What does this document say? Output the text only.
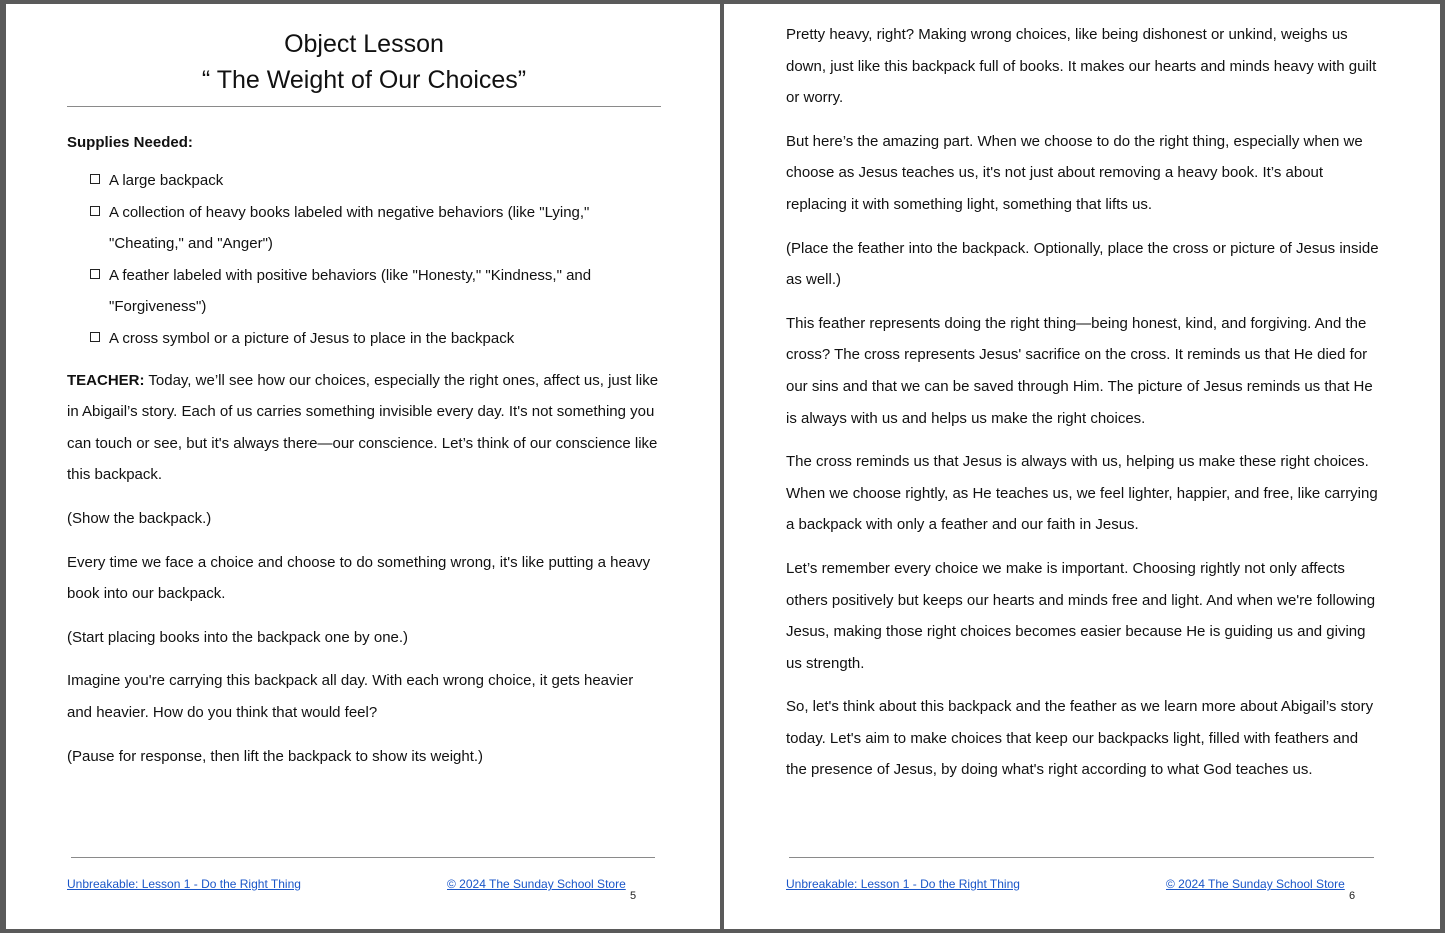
Object Lesson
“ The Weight of Our Choices”
Supplies Needed:
A large backpack
A collection of heavy books labeled with negative behaviors (like "Lying,"
"Cheating," and "Anger")
A feather labeled with positive behaviors (like "Honesty," "Kindness," and
"Forgiveness")
A cross symbol or a picture of Jesus to place in the backpack

TEACHER: Today, we’ll see how our choices, especially the right ones, affect us, just like in Abigail’s story. Each of us carries something invisible every day. It's not something you can touch or see, but it's always there—our conscience. Let’s think of our conscience like this backpack.

(Show the backpack.)

Every time we face a choice and choose to do something wrong, it's like putting a heavy book into our backpack.

(Start placing books into the backpack one by one.)

Imagine you're carrying this backpack all day. With each wrong choice, it gets heavier and heavier. How do you think that would feel?

(Pause for response, then lift the backpack to show its weight.)

Unbreakable: Lesson 1 - Do the Right Thing	© 2024 The Sunday School Store
5

Pretty heavy, right? Making wrong choices, like being dishonest or unkind, weighs us down, just like this backpack full of books. It makes our hearts and minds heavy with guilt or worry.

But here’s the amazing part. When we choose to do the right thing, especially when we choose as Jesus teaches us, it's not just about removing a heavy book. It’s about replacing it with something light, something that lifts us.

(Place the feather into the backpack. Optionally, place the cross or picture of Jesus inside as well.)

This feather represents doing the right thing—being honest, kind, and forgiving. And the cross? The cross represents Jesus' sacrifice on the cross. It reminds us that He died for our sins and that we can be saved through Him. The picture of Jesus reminds us that He is always with us and helps us make the right choices.

The cross reminds us that Jesus is always with us, helping us make these right choices. When we choose rightly, as He teaches us, we feel lighter, happier, and free, like carrying a backpack with only a feather and our faith in Jesus.

Let’s remember every choice we make is important. Choosing rightly not only affects others positively but keeps our hearts and minds free and light. And when we're following Jesus, making those right choices becomes easier because He is guiding us and giving us strength.

So, let's think about this backpack and the feather as we learn more about Abigail’s story today. Let's aim to make choices that keep our backpacks light, filled with feathers and the presence of Jesus, by doing what's right according to what God teaches us.

Unbreakable: Lesson 1 - Do the Right Thing	© 2024 The Sunday School Store
6
